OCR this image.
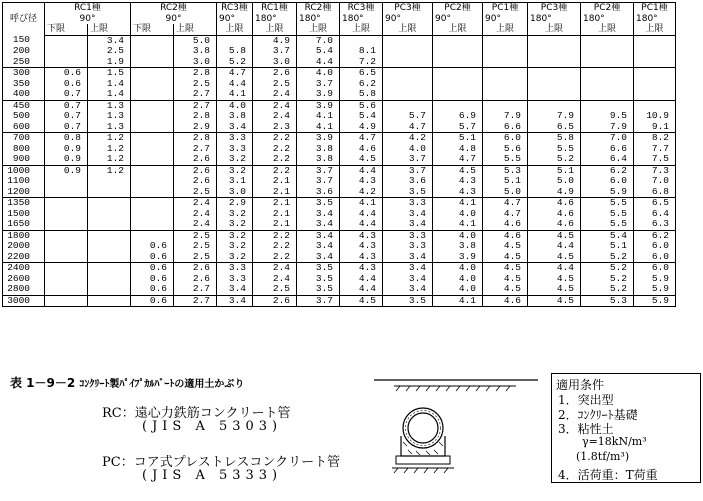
呼び径	RC1種		RC2種		RC3種	RC1種	RC2種	RC3種	PC3種	PC2種	PC1種	PC3種	PC2種	PC1種
	90°		90°		90°	180°	180°	180°	90°	90°	90°	180°	180°	180°
	下限	上限	下限	上限	上限	上限	上限	上限	上限	上限	上限	上限	上限	上限
150		3.4		5.0		4.9	7.0							
200		2.5		3.8	5.8	3.7	5.4	8.1						
250		1.9		3.0	5.2	3.0	4.4	7.2						
300	0.6	1.5		2.8	4.7	2.6	4.0	6.5						
350	0.6	1.4		2.5	4.4	2.5	3.7	6.2						
400	0.7	1.4		2.7	4.1	2.4	3.9	5.8						
450	0.7	1.3		2.7	4.0	2.4	3.9	5.6						
500	0.7	1.3		2.8	3.8	2.4	4.1	5.4	5.7	6.9	7.9	7.9	9.5	10.9
600	0.7	1.3		2.9	3.4	2.3	4.1	4.9	4.7	5.7	6.6	6.5	7.9	9.1
700	0.8	1.2		2.8	3.3	2.2	3.9	4.7	4.2	5.1	6.0	5.8	7.0	8.2
800	0.9	1.2		2.7	3.3	2.2	3.8	4.6	4.0	4.8	5.6	5.5	6.6	7.7
900	0.9	1.2		2.6	3.2	2.2	3.8	4.5	3.7	4.7	5.5	5.2	6.4	7.5
1000	0.9	1.2		2.6	3.2	2.2	3.7	4.4	3.7	4.5	5.3	5.1	6.2	7.3
1100				2.6	3.1	2.1	3.7	4.3	3.6	4.3	5.1	5.0	6.0	7.0
1200				2.5	3.0	2.1	3.6	4.2	3.5	4.3	5.0	4.9	5.9	6.8
1350				2.4	2.9	2.1	3.5	4.1	3.3	4.1	4.7	4.6	5.5	6.5
1500				2.4	3.2	2.1	3.4	4.4	3.4	4.0	4.7	4.6	5.5	6.4
1650				2.4	3.2	2.1	3.4	4.4	3.4	4.1	4.6	4.6	5.5	6.3
1800				2.5	3.2	2.2	3.4	4.3	3.3	4.0	4.6	4.5	5.4	6.2
2000			0.6	2.5	3.2	2.2	3.4	4.3	3.3	3.8	4.5	4.4	5.1	6.0
2200			0.6	2.5	3.2	2.2	3.4	4.3	3.4	3.9	4.5	4.5	5.2	6.0
2400			0.6	2.6	3.3	2.4	3.5	4.3	3.4	4.0	4.5	4.4	5.2	6.0
2600			0.6	2.6	3.3	2.4	3.5	4.4	3.4	4.0	4.5	4.5	5.2	5.9
2800			0.6	2.7	3.4	2.5	3.5	4.4	3.4	4.0	4.5	4.5	5.2	5.9
3000			0.6	2.7	3.4	2.6	3.7	4.5	3.5	4.1	4.6	4.5	5.3	5.9
表 1－9－2 ｺﾝｸﾘｰﾄ製ﾊﾟｲﾌﾟｶﾙﾊﾞｰﾄの適用土かぶり
RC：遠心力鉄筋コンクリート管
(JIS A 5303)
PC：コア式プレストレスコンクリート管
(JIS A 5333)
適用条件
1．突出型
2．ｺﾝｸﾘｰﾄ基礎
3．粘性土
γ=18kN/m³
(1.8tf/m³)
4．活荷重：T荷重
